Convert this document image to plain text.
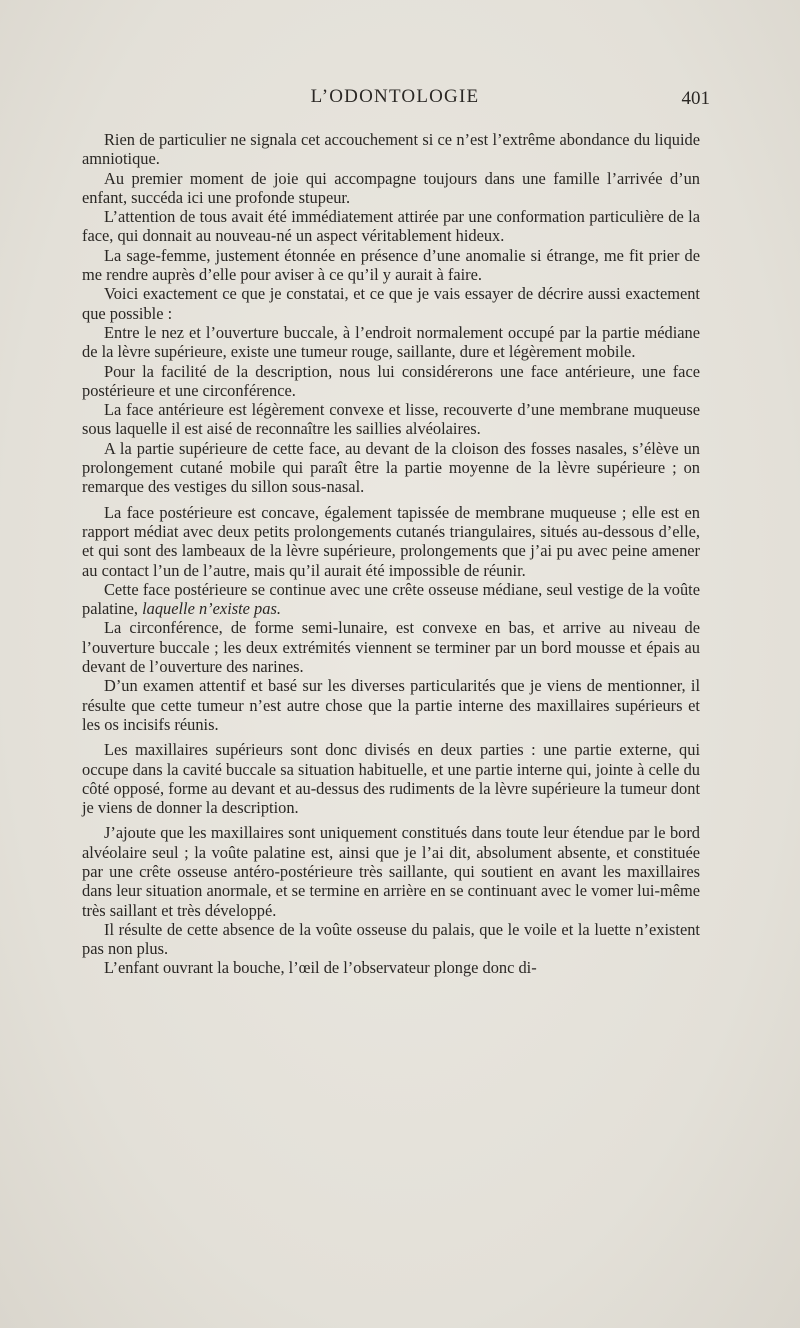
L’ODONTOLOGIE	401

Rien de particulier ne signala cet accouchement si ce n’est l’extrême abondance du liquide amniotique.

Au premier moment de joie qui accompagne toujours dans une famille l’arrivée d’un enfant, succéda ici une profonde stupeur.

L’attention de tous avait été immédiatement attirée par une conformation particulière de la face, qui donnait au nouveau-né un aspect véritablement hideux.

La sage-femme, justement étonnée en présence d’une anomalie si étrange, me fit prier de me rendre auprès d’elle pour aviser à ce qu’il y aurait à faire.

Voici exactement ce que je constatai, et ce que je vais essayer de décrire aussi exactement que possible :

Entre le nez et l’ouverture buccale, à l’endroit normalement occupé par la partie médiane de la lèvre supérieure, existe une tumeur rouge, saillante, dure et légèrement mobile.

Pour la facilité de la description, nous lui considérerons une face antérieure, une face postérieure et une circonférence.

La face antérieure est légèrement convexe et lisse, recouverte d’une membrane muqueuse sous laquelle il est aisé de reconnaître les saillies alvéolaires.

A la partie supérieure de cette face, au devant de la cloison des fosses nasales, s’élève un prolongement cutané mobile qui paraît être la partie moyenne de la lèvre supérieure ; on remarque des vestiges du sillon sous-nasal.

La face postérieure est concave, également tapissée de membrane muqueuse ; elle est en rapport médiat avec deux petits prolongements cutanés triangulaires, situés au-dessous d’elle, et qui sont des lambeaux de la lèvre supérieure, prolongements que j’ai pu avec peine amener au contact l’un de l’autre, mais qu’il aurait été impossible de réunir.

Cette face postérieure se continue avec une crête osseuse médiane, seul vestige de la voûte palatine, laquelle n’existe pas.

La circonférence, de forme semi-lunaire, est convexe en bas, et arrive au niveau de l’ouverture buccale ; les deux extrémités viennent se terminer par un bord mousse et épais au devant de l’ouverture des narines.

D’un examen attentif et basé sur les diverses particularités que je viens de mentionner, il résulte que cette tumeur n’est autre chose que la partie interne des maxillaires supérieurs et les os incisifs réunis.

Les maxillaires supérieurs sont donc divisés en deux parties : une partie externe, qui occupe dans la cavité buccale sa situation habituelle, et une partie interne qui, jointe à celle du côté opposé, forme au devant et au-dessus des rudiments de la lèvre supérieure la tumeur dont je viens de donner la description.

J’ajoute que les maxillaires sont uniquement constitués dans toute leur étendue par le bord alvéolaire seul ; la voûte palatine est, ainsi que je l’ai dit, absolument absente, et constituée par une crête osseuse antéro-postérieure très saillante, qui soutient en avant les maxillaires dans leur situation anormale, et se termine en arrière en se continuant avec le vomer lui-même très saillant et très développé.

Il résulte de cette absence de la voûte osseuse du palais, que le voile et la luette n’existent pas non plus.

L’enfant ouvrant la bouche, l’œil de l’observateur plonge donc di-
